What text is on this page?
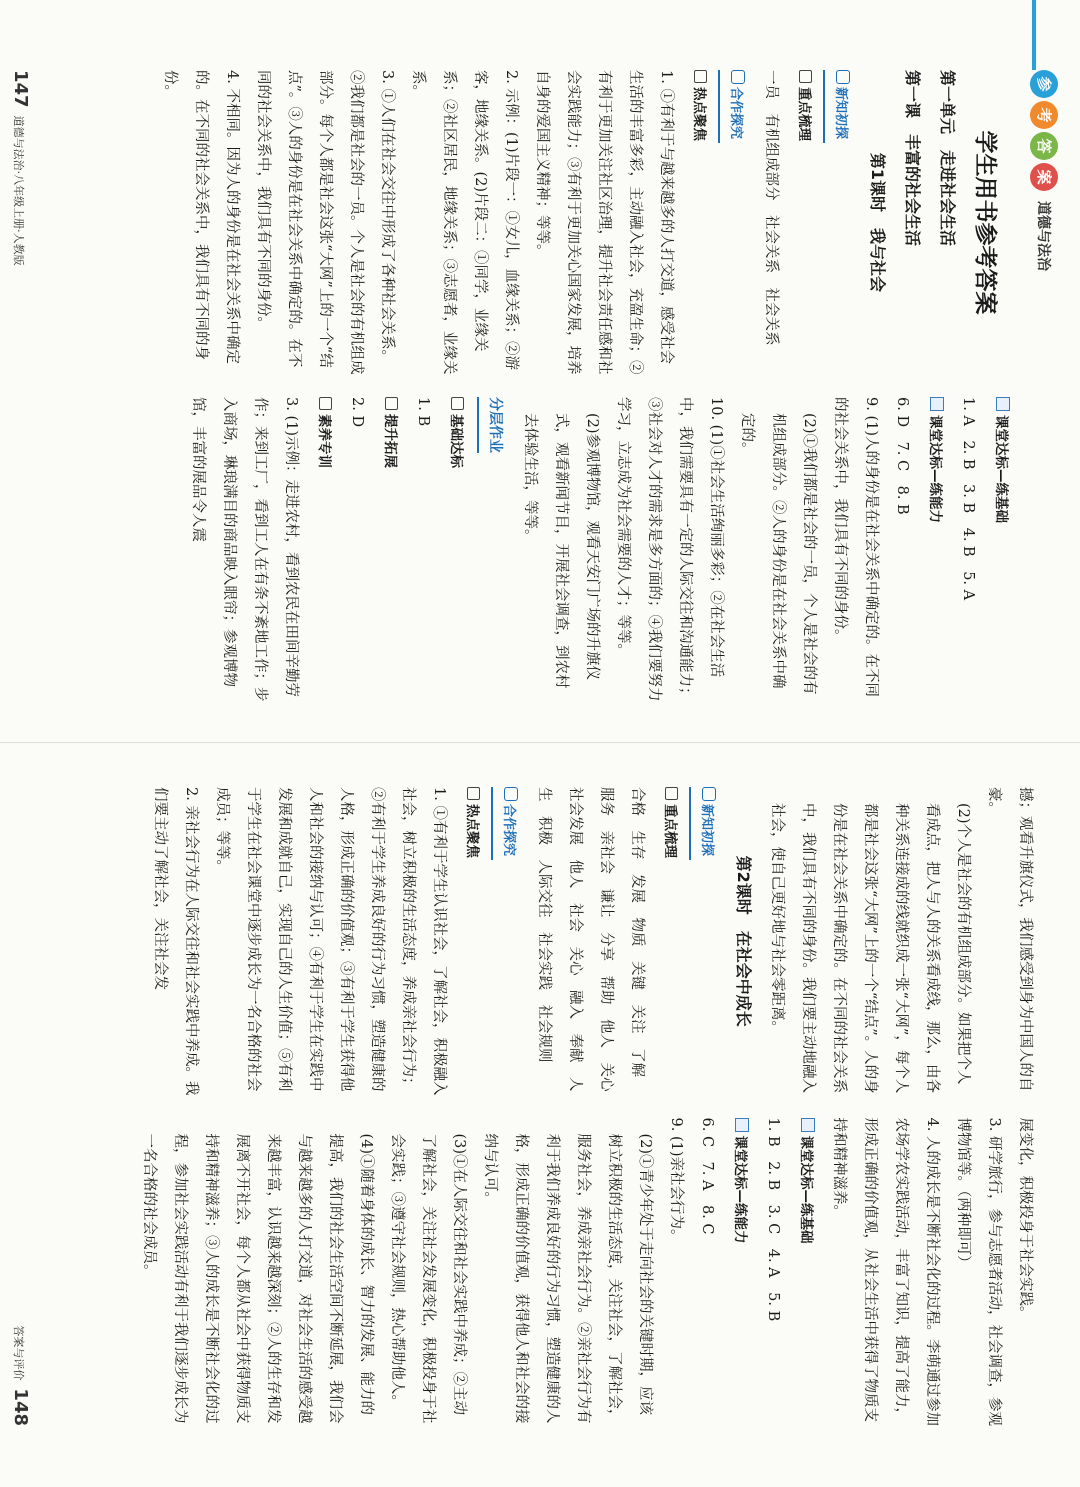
参
考
答
案
道德与法治
学生用书参考答案
第一单元　走进社会生活
第一课　丰富的社会生活
第1课时　我与社会
新知初探
重点梳理

一员　有机组成部分　社会关系　社会关系

合作探究
热点聚焦

1. ①有利于与越来越多的人打交道，感受社会生活的丰富多彩，主动融入社会，充盈生命；②有利于更加关注社区治理，提升社会责任感和社会实践能力；③有利于更加关心国家发展，培养自身的爱国主义精神；等等。

2. 示例：(1)片段一：①女儿，血缘关系；②游客，地缘关系。(2)片段二：①同学，业缘关系；②社区居民，地缘关系；③志愿者，业缘关系。

3. ①人们在社会交往中形成了各种社会关系。②我们都是社会的一员。个人是社会的有机组成部分。每个人都是社会这张“大网”上的一个“结点”。③人的身份是在社会关系中确定的。在不同的社会关系中，我们具有不同的身份。

4. 不相同。因为人的身份是在社会关系中确定的。在不同的社会关系中，我们具有不同的身份。

课堂达标—练基础

1. A　2. B　3. B　4. B　5. A

课堂达标—练能力

6. D　7. C　8. B

9. (1)人的身份是在社会关系中确定的。在不同的社会关系中，我们具有不同的身份。

(2)①我们都是社会的一员，个人是社会的有机组成部分。②人的身份是在社会关系中确定的。

10. (1)①社会生活绚丽多彩；②在社会生活中，我们需要具有一定的人际交往和沟通能力；③社会对人才的需求是多方面的；④我们要努力学习，立志成为社会需要的人才；等等。

(2)参观博物馆，观看天安门广场的升旗仪式，观看新闻节目，开展社会调查，到农村去体验生活，等等。

分层作业
基础达标

1. B

提升拓展

2. D

素养专训

3. (1)示例：走进农村，看到农民在田间辛勤劳作；来到工厂，看到工人在有条不紊地工作；步入商场，琳琅满目的商品映入眼帘；参观博物馆，丰富的展品令人震

147
道德与法治·八年级上册·人教版

撼；观看升旗仪式，我们感受到身为中国人的自豪。

(2)个人是社会的有机组成部分。如果把个人看成点，把人与人的关系看成线，那么，由各种关系连接成的线就织成一张“大网”，每个人都是社会这张“大网”上的一个“结点”。人的身份是在社会关系中确定的。在不同的社会关系中，我们具有不同的身份。我们要主动地融入社会，使自己更好地与社会零距离。

第2课时　在社会中成长
新知初探
重点梳理

合格　生存　发展　物质　关键　关注　了解　服务　亲社会　谦让　分享　帮助　他人　关心社会发展　他人　社会　关心　融入　奉献　人生　积极　人际交往　社会实践　社会规则

合作探究
热点聚焦

1. ①有利于学生认识社会，了解社会，积极融入社会，树立积极的生活态度，养成亲社会行为；②有利于学生养成良好的行为习惯，塑造健康的人格，形成正确的价值观；③有利于学生获得他人和社会的接纳与认可；④有利于学生在实践中发展和成就自己，实现自己的人生价值；⑤有利于学生在社会课堂中逐步成长为一名合格的社会成员；等等。

2. 亲社会行为在人际交往和社会实践中养成。我们要主动了解社会，关注社会发

展变化，积极投身于社会实践。

3. 研学旅行，参与志愿者活动，社会调查，参观博物馆等。（两种即可）

4. 人的成长是不断社会化的过程。李萌通过参加农场学农实践活动，丰富了知识，提高了能力，形成正确的价值观，从社会生活中获得了物质支持和精神滋养。

课堂达标—练基础

1. B　2. B　3. C　4. A　5. B

课堂达标—练能力

6. C　7. A　8. C

9. (1)亲社会行为。

(2)①青少年处于走向社会的关键时期，应该树立积极的生活态度，关注社会，了解社会，服务社会，养成亲社会行为。②亲社会行为有利于我们养成良好的行为习惯，塑造健康的人格，形成正确的价值观，获得他人和社会的接纳与认可。

(3)①在人际交往和社会实践中养成；②主动了解社会，关注社会发展变化，积极投身于社会实践；③遵守社会规则，热心帮助他人。

(4)①随着身体的成长、智力的发展、能力的提高，我们的社会生活空间不断延展，我们会与越来越多的人打交道，对社会生活的感受越来越丰富，认识越来越深刻；②人的生存和发展离不开社会，每个人都从社会中获得物质支持和精神滋养；③人的成长是不断社会化的过程，参加社会实践活动有利于我们逐步成长为一名合格的社会成员。

答案与评价
148
